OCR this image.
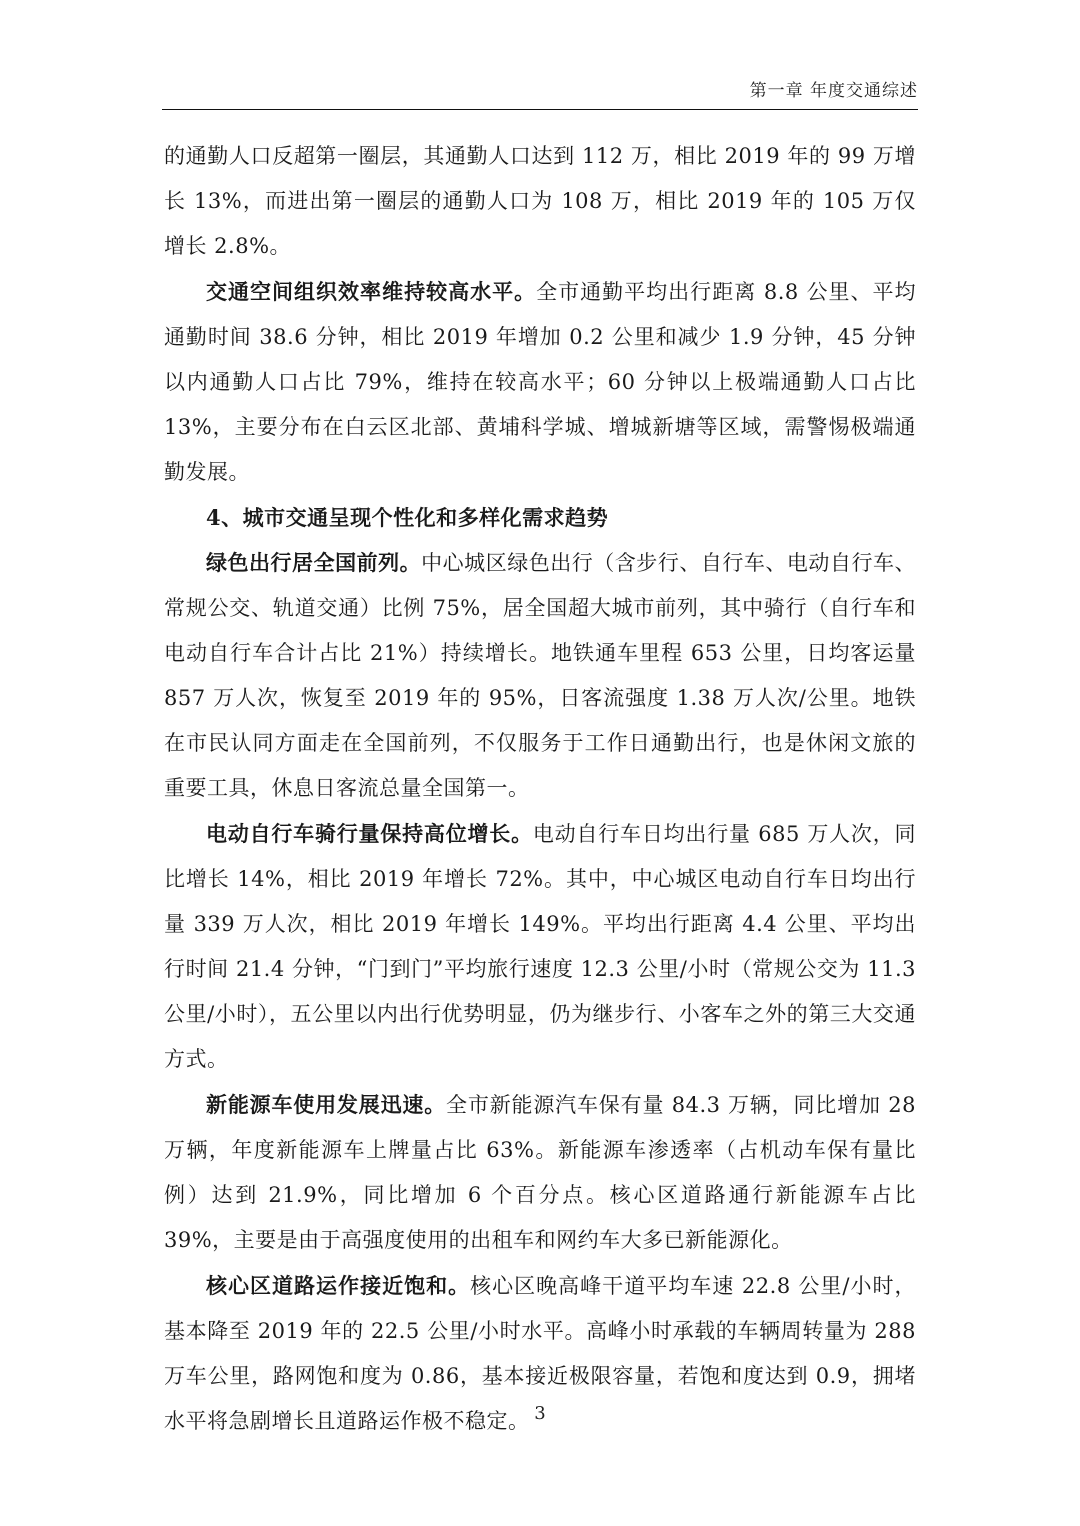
第一章 年度交通综述

的通勤人口反超第一圈层，其通勤人口达到 112 万，相比 2019 年的 99 万增长 13%，而进出第一圈层的通勤人口为 108 万，相比 2019 年的 105 万仅增长 2.8%。

交通空间组织效率维持较高水平。全市通勤平均出行距离 8.8 公里、平均通勤时间 38.6 分钟，相比 2019 年增加 0.2 公里和减少 1.9 分钟，45 分钟以内通勤人口占比 79%，维持在较高水平；60 分钟以上极端通勤人口占比 13%，主要分布在白云区北部、黄埔科学城、增城新塘等区域，需警惕极端通勤发展。

4、城市交通呈现个性化和多样化需求趋势

绿色出行居全国前列。中心城区绿色出行（含步行、自行车、电动自行车、常规公交、轨道交通）比例 75%，居全国超大城市前列，其中骑行（自行车和电动自行车合计占比 21%）持续增长。地铁通车里程 653 公里，日均客运量 857 万人次，恢复至 2019 年的 95%，日客流强度 1.38 万人次/公里。地铁在市民认同方面走在全国前列，不仅服务于工作日通勤出行，也是休闲文旅的重要工具，休息日客流总量全国第一。

电动自行车骑行量保持高位增长。电动自行车日均出行量 685 万人次，同比增长 14%，相比 2019 年增长 72%。其中，中心城区电动自行车日均出行量 339 万人次，相比 2019 年增长 149%。平均出行距离 4.4 公里、平均出行时间 21.4 分钟，“门到门”平均旅行速度 12.3 公里/小时（常规公交为 11.3 公里/小时），五公里以内出行优势明显，仍为继步行、小客车之外的第三大交通方式。

新能源车使用发展迅速。全市新能源汽车保有量 84.3 万辆，同比增加 28 万辆，年度新能源车上牌量占比 63%。新能源车渗透率（占机动车保有量比例）达到 21.9%，同比增加 6 个百分点。核心区道路通行新能源车占比 39%，主要是由于高强度使用的出租车和网约车大多已新能源化。

核心区道路运作接近饱和。核心区晚高峰干道平均车速 22.8 公里/小时，基本降至 2019 年的 22.5 公里/小时水平。高峰小时承载的车辆周转量为 288 万车公里，路网饱和度为 0.86，基本接近极限容量，若饱和度达到 0.9，拥堵水平将急剧增长且道路运作极不稳定。 3
